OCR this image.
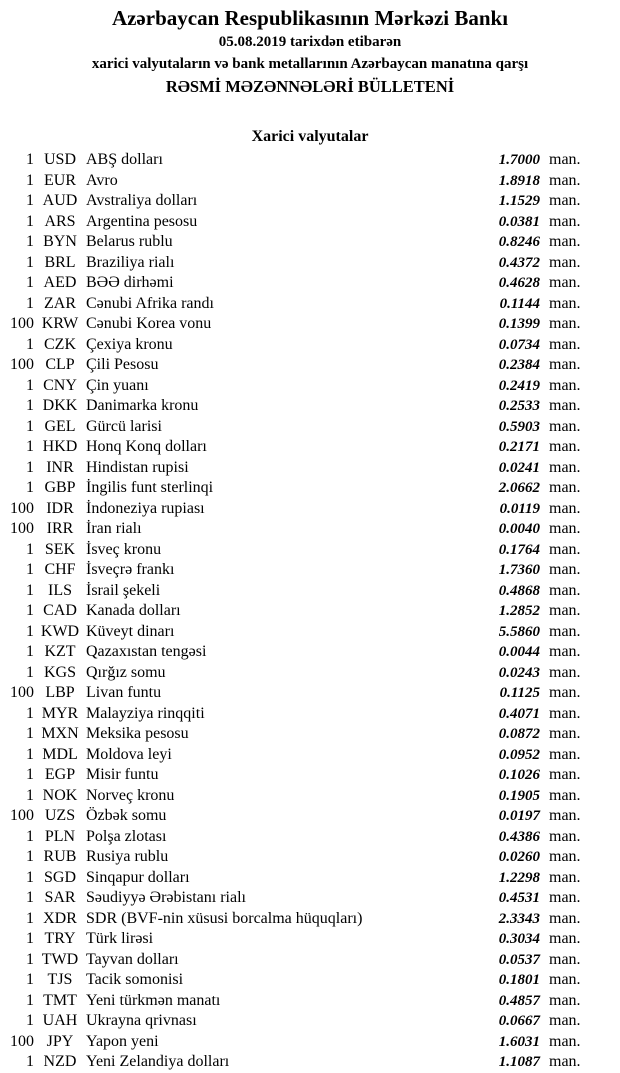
Azərbaycan Respublikasının Mərkəzi Bankı
05.08.2019 tarixdən etibarən
xarici valyutaların və bank metallarının Azərbaycan manatına qarşı
RƏSMİ MƏZƏNNƏLƏRİ BÜLLETENİ
Xarici valyutalar
1 USD ABŞ dolları	1.7000 man.
1 EUR Avro	1.8918 man.
1 AUD Avstraliya dolları	1.1529 man.
1 ARS Argentina pesosu	0.0381 man.
1 BYN Belarus rublu	0.8246 man.
1 BRL Braziliya rialı	0.4372 man.
1 AED BƏƏ dirhəmi	0.4628 man.
1 ZAR Cənubi Afrika randı	0.1144 man.
100 KRW Cənubi Korea vonu	0.1399 man.
1 CZK Çexiya kronu	0.0734 man.
100 CLP Çili Pesosu	0.2384 man.
1 CNY Çin yuanı	0.2419 man.
1 DKK Danimarka kronu	0.2533 man.
1 GEL Gürcü larisi	0.5903 man.
1 HKD Honq Konq dolları	0.2171 man.
1 INR Hindistan rupisi	0.0241 man.
1 GBP İngilis funt sterlinqi	2.0662 man.
100 IDR İndoneziya rupiası	0.0119 man.
100 IRR İran rialı	0.0040 man.
1 SEK İsveç kronu	0.1764 man.
1 CHF İsveçrə frankı	1.7360 man.
1 ILS İsrail şekeli	0.4868 man.
1 CAD Kanada dolları	1.2852 man.
1 KWD Küveyt dinarı	5.5860 man.
1 KZT Qazaxıstan tengəsi	0.0044 man.
1 KGS Qırğız somu	0.0243 man.
100 LBP Livan funtu	0.1125 man.
1 MYR Malayziya rinqqiti	0.4071 man.
1 MXN Meksika pesosu	0.0872 man.
1 MDL Moldova leyi	0.0952 man.
1 EGP Misir funtu	0.1026 man.
1 NOK Norveç kronu	0.1905 man.
100 UZS Özbək somu	0.0197 man.
1 PLN Polşa zlotası	0.4386 man.
1 RUB Rusiya rublu	0.0260 man.
1 SGD Sinqapur dolları	1.2298 man.
1 SAR Səudiyyə Ərəbistanı rialı	0.4531 man.
1 XDR SDR (BVF-nin xüsusi borcalma hüquqları)	2.3343 man.
1 TRY Türk lirəsi	0.3034 man.
1 TWD Tayvan dolları	0.0537 man.
1 TJS Tacik somonisi	0.1801 man.
1 TMT Yeni türkmən manatı	0.4857 man.
1 UAH Ukrayna qrivnası	0.0667 man.
100 JPY Yapon yeni	1.6031 man.
1 NZD Yeni Zelandiya dolları	1.1087 man.
